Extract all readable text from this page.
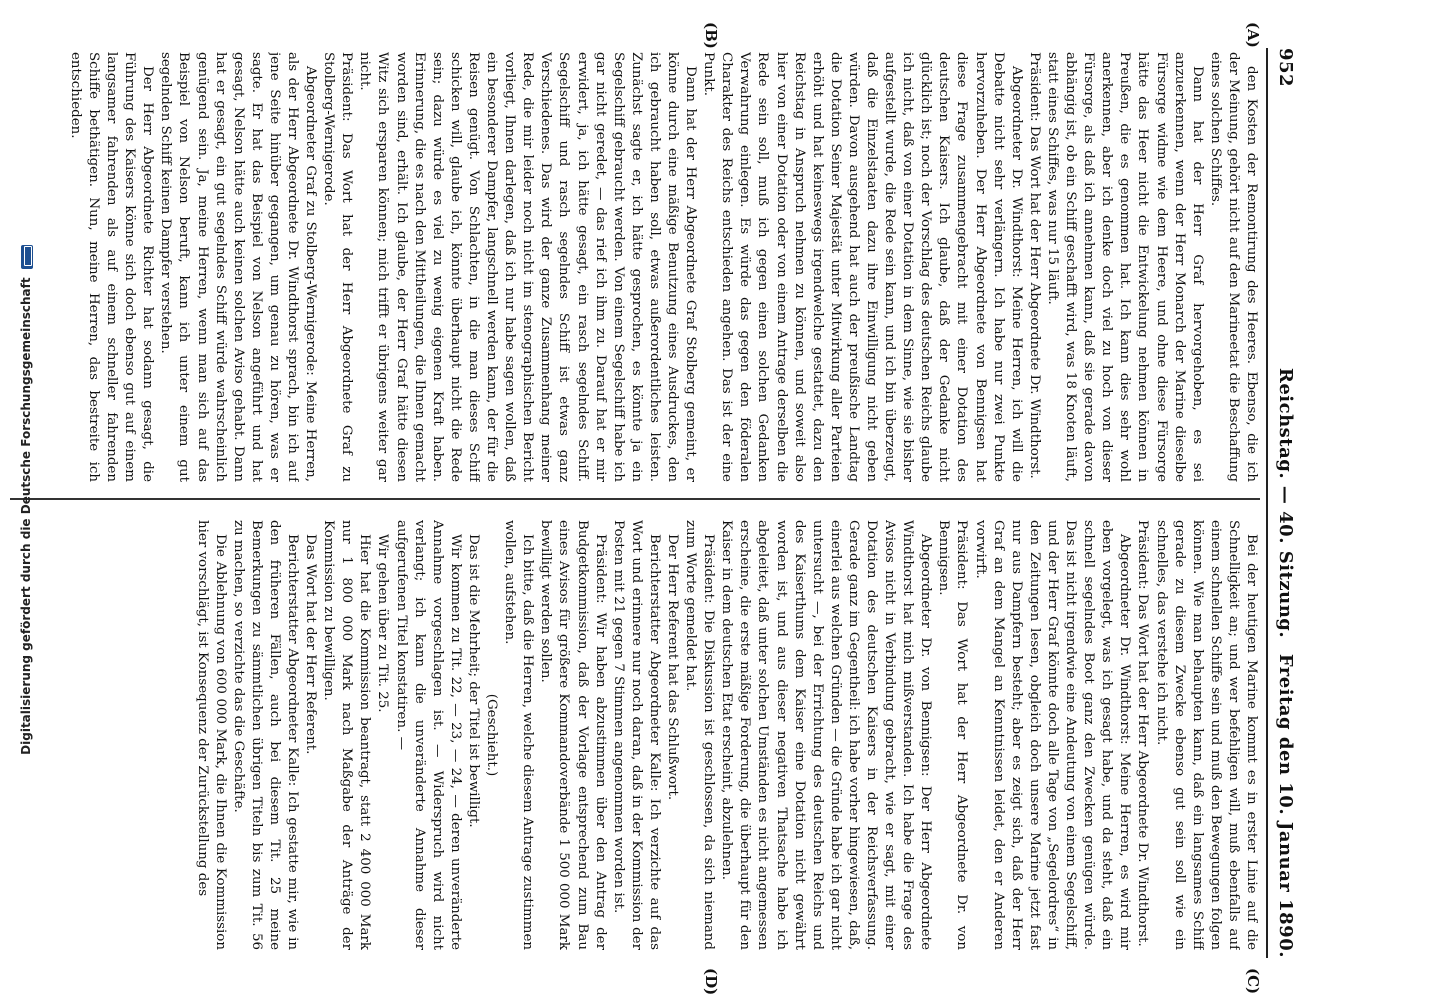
952
Reichstag. — 40. Sitzung.
Freitag den 10. Januar 1890.
(A)
(B)
(C)
(D)

den Kosten der Remontirung des Heeres. Ebenso, die ich der Meinung, gehört nicht auf den Marineetat die Beschaffung eines solchen Schiffes.

Dann hat der Herr Graf hervorgehoben, es sei anzuerkennen, wenn der Herr Monarch der Marine dieselbe Fürsorge widme wie dem Heere, und ohne diese Fürsorge hätte das Heer nicht die Entwickelung nehmen können in Preußen, die es genommen hat. Ich kann dies sehr wohl anerkennen, aber ich denke doch viel zu hoch von dieser Fürsorge, als daß ich annehmen kann, daß sie gerade davon abhängig ist, ob ein Schiff geschafft wird, was 18 Knoten läuft, statt eines Schiffes, was nur 15 läuft.

Präsident: Das Wort hat der Herr Abgeordnete Dr. Windthorst.

Abgeordneter Dr. Windthorst: Meine Herren, ich will die Debatte nicht sehr verlängern. Ich habe nur zwei Punkte hervorzuheben. Der Herr Abgeordnete von Bennigsen hat diese Frage zusammengebracht mit einer Dotation des deutschen Kaisers. Ich glaube, daß der Gedanke nicht glücklich ist; noch der Vorschlag des deutschen Reichs glaube ich nicht, daß von einer Dotation in dem Sinne, wie sie bisher aufgestellt wurde, die Rede sein kann, und ich bin überzeugt, daß die Einzelstaaten dazu ihre Einwilligung nicht geben würden. Davon ausgehend hat auch der preußische Landtag die Dotation Seiner Majestät unter Mitwirkung aller Parteien erhöht und hat keineswegs irgendwelche gestattet, dazu den Reichstag in Anspruch nehmen zu können, und soweit also hier von einer Dotation oder von einem Antrage derselben die Rede sein soll, muß ich gegen einen solchen Gedanken Verwahrung einlegen. Es würde das gegen den föderalen Charakter des Reichs entschieden angehen. Das ist der eine Punkt.

Dann hat der Herr Abgeordnete Graf Stolberg gemeint, er könne durch eine mäßige Benutzung eines Ausdruckes, den ich gebraucht haben soll, etwas außerordentliches leisten. Zunächst sagte er, ich hätte gesprochen, es könnte ja ein Segelschiff gebraucht werden. Von einem Segelschiff habe ich gar nicht geredet, — das rief ich ihm zu. Darauf hat er mir erwidert, ja, ich hätte gesagt, ein rasch segelndes Schiff. Segelschiff und rasch segelndes Schiff ist etwas ganz Verschiedenes. Das wird der ganze Zusammenhang meiner Rede, die mir leider noch nicht im stenographischen Bericht vorliegt, Ihnen darlegen, daß ich nur habe sagen wollen, daß ein besonderer Dampfer, langschnell werden kann, der für die Reisen genügt. Von Schlachten, in die man dieses Schiff schicken will, glaube ich, könnte überhaupt nicht die Rede sein; dazu würde es viel zu wenig eigenen Kraft haben. Erinnerung, die es nach den Mittheilungen, die Ihnen gemacht worden sind, erhält. Ich glaube, der Herr Graf hätte diesen Witz sich ersparen können; mich trifft er übrigens weiter gar nicht.

Präsident: Das Wort hat der Herr Abgeordnete Graf zu Stolberg-Wernigerode.

Abgeordneter Graf zu Stolberg-Wernigerode: Meine Herren, als der Herr Abgeordnete Dr. Windthorst sprach, bin ich auf jene Seite hinüber gegangen, um genau zu hören, was er sagte. Er hat das Beispiel von Nelson angeführt und hat gesagt, Nelson hätte auch keinen solchen Aviso gehabt. Dann hat er gesagt, ein gut segelndes Schiff würde wahrscheinlich genügend sein. Ja, meine Herren, wenn man sich auf das Beispiel von Nelson beruft, kann ich unter einem gut segelnden Schiff keinen Dampfer verstehen.

Der Herr Abgeordnete Richter hat sodann gesagt, die Führung des Kaisers könne sich doch ebenso gut auf einem langsamer fahrenden als auf einem schneller fahrenden Schiffe bethätigen. Nun, meine Herren, das bestreite ich entschieden.

Bei der heutigen Marine kommt es in erster Linie auf die Schnelligkeit an; und wer befehligen will, muß ebenfalls auf einem schnellen Schiffe sein und muß den Bewegungen folgen können. Wie man behaupten kann, daß ein langsames Schiff gerade zu diesem Zwecke ebenso gut sein soll wie ein schnelles, das verstehe ich nicht.

Präsident: Das Wort hat der Herr Abgeordnete Dr. Windthorst.

Abgeordneter Dr. Windthorst: Meine Herren, es wird mir eben vorgelegt, was ich gesagt habe, und da steht, daß ein schnell segelndes Boot ganz den Zwecken genügen würde. Das ist nicht irgendwie eine Andeutung von einem Segelschiff, und der Herr Graf könnte doch alle Tage von „Segelordres“ in den Zeitungen lesen, obgleich doch unsere Marine jetzt fast nur aus Dampfern besteht; aber es zeigt sich, daß der Herr Graf an dem Mangel an Kenntnissen leidet, den er Anderen vorwirft.

Präsident: Das Wort hat der Herr Abgeordnete Dr. von Bennigsen.

Abgeordneter Dr. von Bennigsen: Der Herr Abgeordnete Windthorst hat mich mißverstanden. Ich habe die Frage des Avisos nicht in Verbindung gebracht, wie er sagt, mit einer Dotation des deutschen Kaisers in der Reichsverfassung. Gerade ganz im Gegentheil: ich habe vorher hingewiesen, daß, einerlei aus welchen Gründen — die Gründe habe ich gar nicht untersucht —, bei der Errichtung des deutschen Reichs und des Kaiserthums dem Kaiser eine Dotation nicht gewährt worden ist, und aus dieser negativen Thatsache habe ich abgeleitet, daß unter solchen Umständen es nicht angemessen erscheine, die erste mäßige Forderung, die überhaupt für den Kaiser in dem deutschen Etat erscheint, abzulehnen.

Präsident: Die Diskussion ist geschlossen, da sich niemand zum Worte gemeldet hat.

Der Herr Referent hat das Schlußwort.

Berichterstatter Abgeordneter Kalle: Ich verzichte auf das Wort und erinnere nur noch daran, daß in der Kommission der Posten mit 21 gegen 7 Stimmen angenommen worden ist.

Präsident: Wir haben abzustimmen über den Antrag der Budgetkommission, daß der Vorlage entsprechend zum Bau eines Avisos für größere Kommandoverbände 1 500 000 Mark bewilligt werden sollen.

Ich bitte, daß die Herren, welche diesem Antrage zustimmen wollen, aufstehen.

(Geschieht.)

Das ist die Mehrheit; der Titel ist bewilligt.

Wir kommen zu Tit. 22, — 23, — 24, — deren unveränderte Annahme vorgeschlagen ist. — Widerspruch wird nicht verlangt; ich kann die unveränderte Annahme dieser aufgerufenen Titel konstatiren. —

Wir gehen über zu Tit. 25.

Hier hat die Kommission beantragt, statt 2 400 000 Mark nur 1 800 000 Mark nach Maßgabe der Anträge der Kommission zu bewilligen.

Das Wort hat der Herr Referent.

Berichterstatter Abgeordneter Kalle: Ich gestatte mir, wie in den früheren Fällen, auch bei diesem Tit. 25 meine Bemerkungen zu sämmtlichen übrigen Titeln bis zum Tit. 56 zu machen, so verzichte das die Geschäfte.

Die Ablehnung von 600 000 Mark, die Ihnen die Kommission hier vorschlägt, ist Konsequenz der Zurückstellung des

Digitalisierung gefördert durch die Deutsche Forschungsgemeinschaft
